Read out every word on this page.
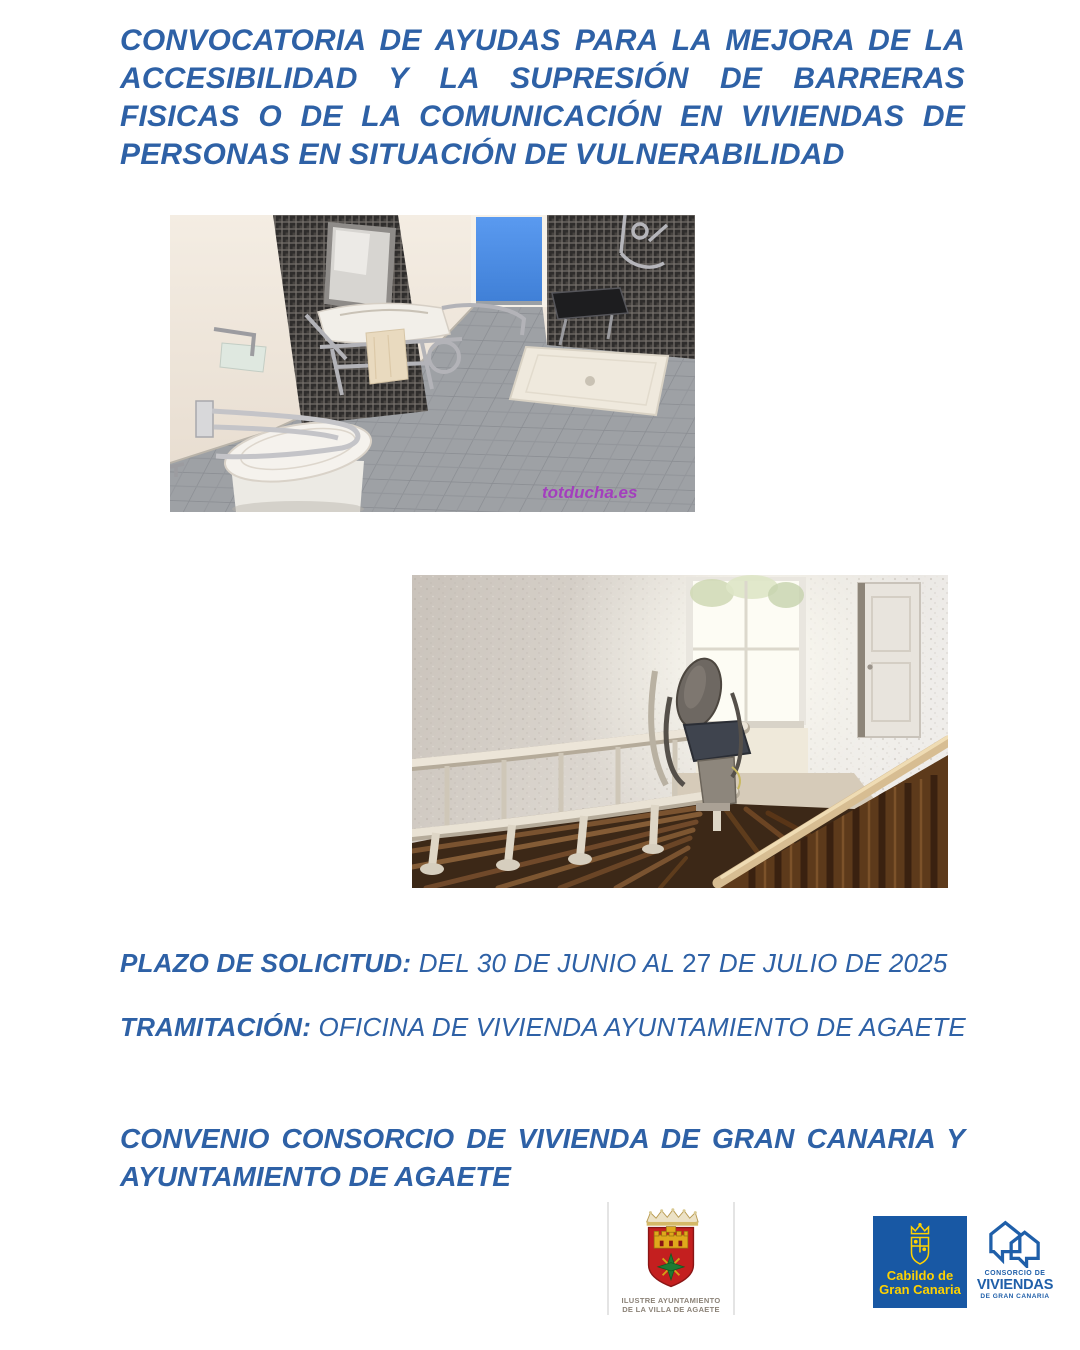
CONVOCATORIA DE AYUDAS PARA LA MEJORA DE LA
ACCESIBILIDAD Y LA SUPRESIÓN DE BARRERAS
FISICAS O DE LA COMUNICACIÓN EN VIVIENDAS DE
PERSONAS EN SITUACIÓN DE VULNERABILIDAD
totducha.es
PLAZO DE SOLICITUD: DEL 30 DE JUNIO AL 27 DE JULIO DE 2025
TRAMITACIÓN: OFICINA DE VIVIENDA AYUNTAMIENTO DE AGAETE
CONVENIO CONSORCIO DE VIVIENDA DE GRAN CANARIA Y
AYUNTAMIENTO DE AGAETE
ILUSTRE AYUNTAMIENTO
DE LA VILLA DE AGAETE
Cabildo de
Gran Canaria
CONSORCIO DE
VIVIENDAS
DE GRAN CANARIA
